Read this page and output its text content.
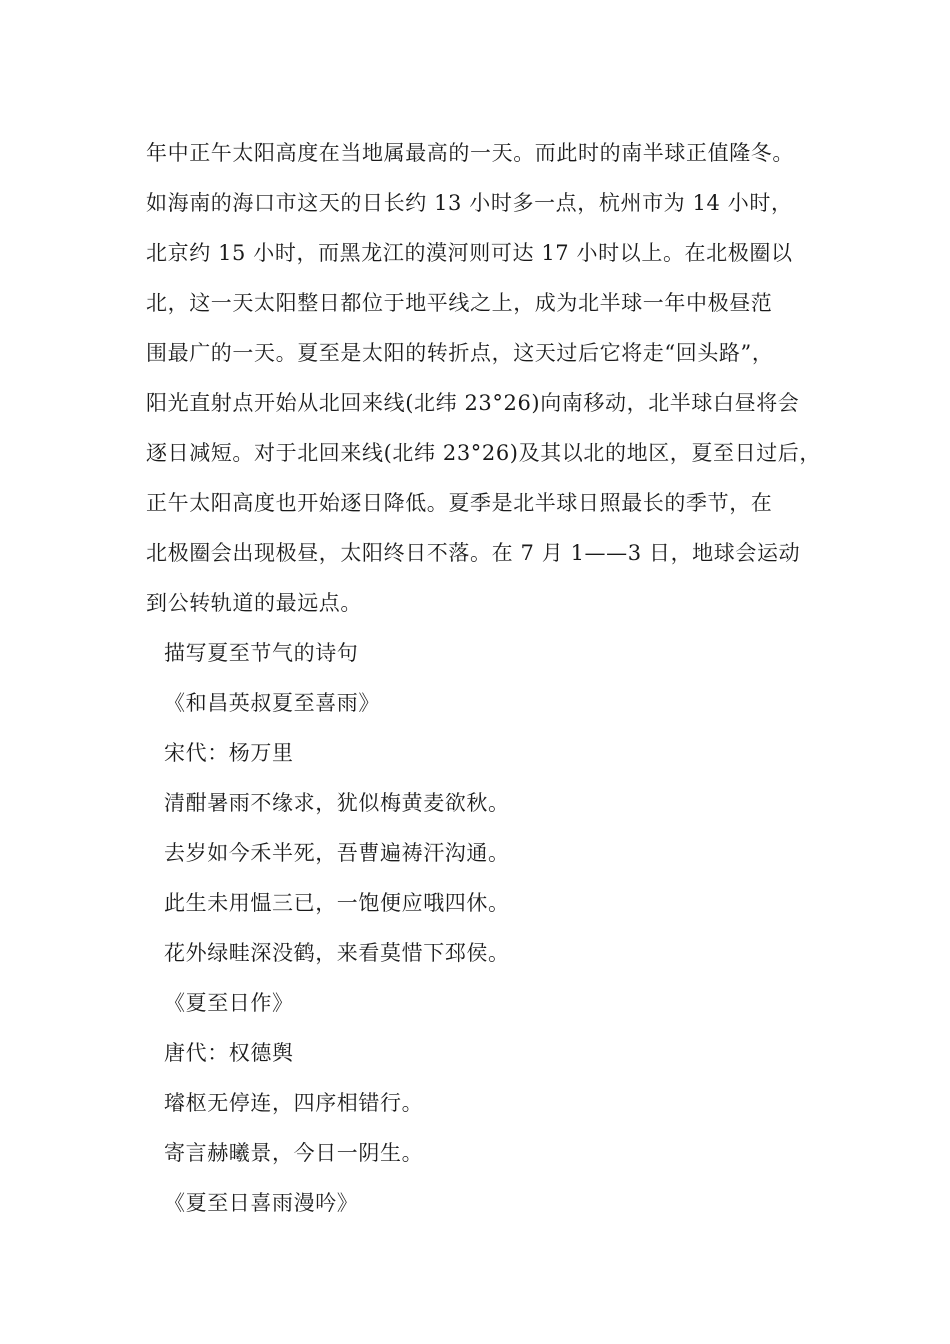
年中正午太阳高度在当地属最高的一天。而此时的南半球正值隆冬。
如海南的海口市这天的日长约 13 小时多一点，杭州市为 14 小时，
北京约 15 小时，而黑龙江的漠河则可达 17 小时以上。在北极圈以
北，这一天太阳整日都位于地平线之上，成为北半球一年中极昼范
围最广的一天。夏至是太阳的转折点，这天过后它将走“回头路”，
阳光直射点开始从北回来线(北纬 23°26)向南移动，北半球白昼将会
逐日减短。对于北回来线(北纬 23°26)及其以北的地区，夏至日过后，
正午太阳高度也开始逐日降低。夏季是北半球日照最长的季节，在
北极圈会出现极昼，太阳终日不落。在 7 月 1——3 日，地球会运动
到公转轨道的最远点。
描写夏至节气的诗句
《和昌英叔夏至喜雨》
宋代：杨万里
清酣暑雨不缘求，犹似梅黄麦欲秋。
去岁如今禾半死，吾曹遍祷汗沟通。
此生未用愠三已，一饱便应哦四休。
花外绿畦深没鹤，来看莫惜下邳侯。
《夏至日作》
唐代：权德舆
璿枢无停连，四序相错行。
寄言赫曦景，今日一阴生。
《夏至日喜雨漫吟》
